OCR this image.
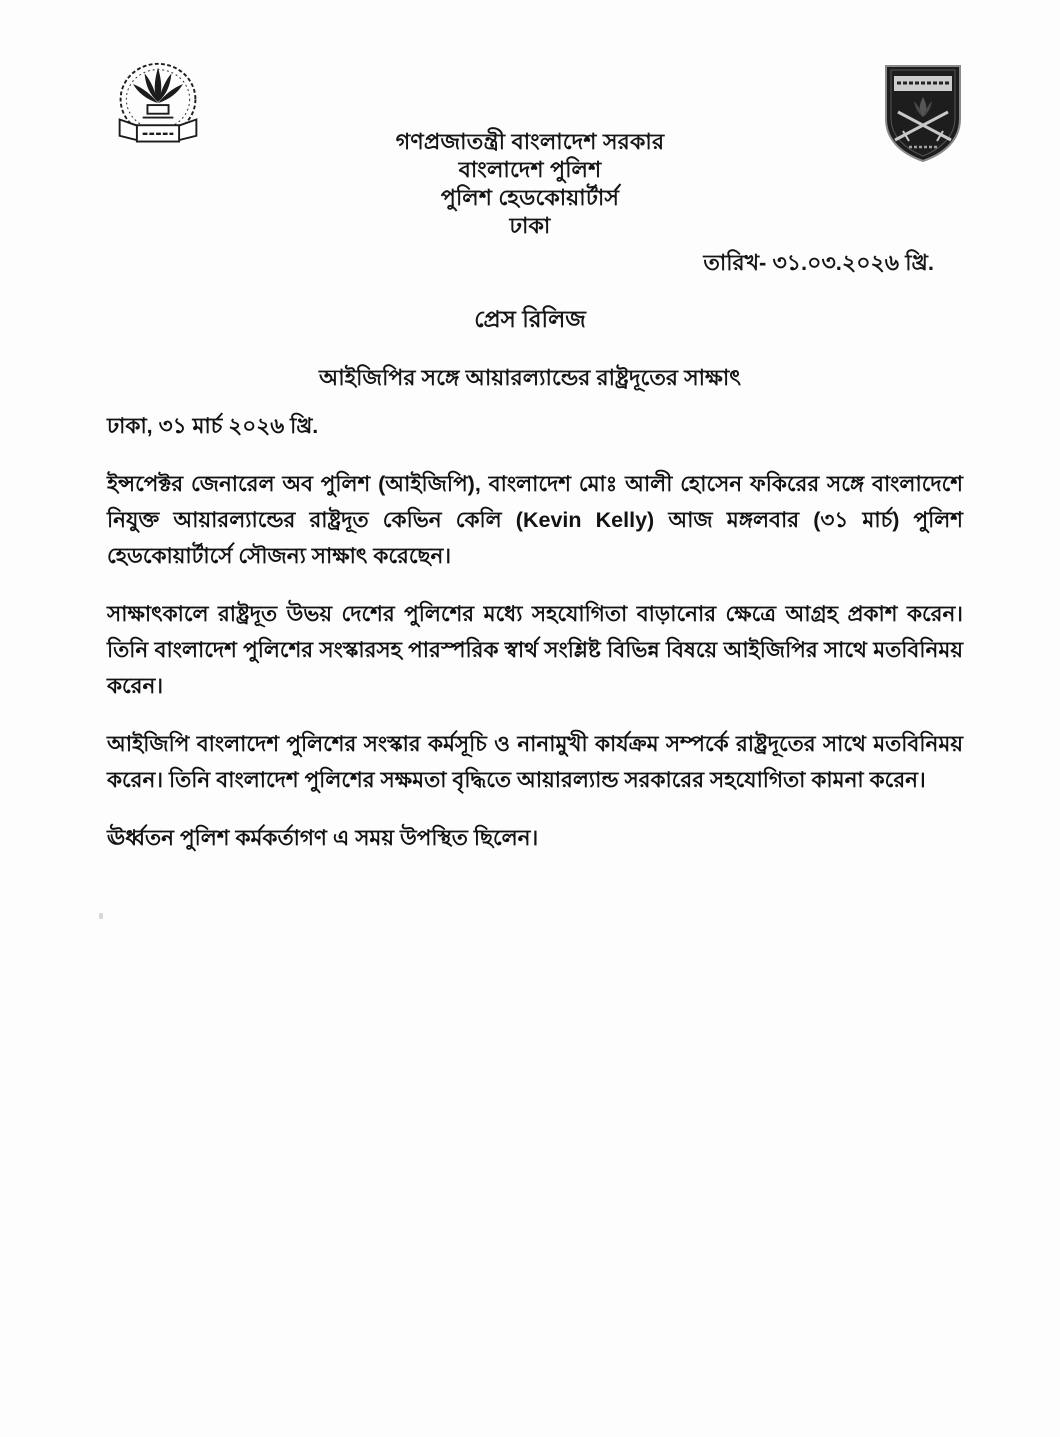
গণপ্রজাতন্ত্রী বাংলাদেশ সরকার
বাংলাদেশ পুলিশ
পুলিশ হেডকোয়ার্টার্স
ঢাকা
তারিখ- ৩১.০৩.২০২৬ খ্রি.
প্রেস রিলিজ
আইজিপির সঙ্গে আয়ারল্যান্ডের রাষ্ট্রদূতের সাক্ষাৎ
ঢাকা, ৩১ মার্চ ২০২৬ খ্রি.

ইন্সপেক্টর জেনারেল অব পুলিশ (আইজিপি), বাংলাদেশ মোঃ আলী হোসেন ফকিরের সঙ্গে বাংলাদেশে নিযুক্ত আয়ারল্যান্ডের রাষ্ট্রদূত কেভিন কেলি (Kevin Kelly) আজ মঙ্গলবার (৩১ মার্চ) পুলিশ হেডকোয়ার্টার্সে সৌজন্য সাক্ষাৎ করেছেন।

সাক্ষাৎকালে রাষ্ট্রদূত উভয় দেশের পুলিশের মধ্যে সহযোগিতা বাড়ানোর ক্ষেত্রে আগ্রহ প্রকাশ করেন। তিনি বাংলাদেশ পুলিশের সংস্কারসহ পারস্পরিক স্বার্থ সংশ্লিষ্ট বিভিন্ন বিষয়ে আইজিপির সাথে মতবিনিময় করেন।

আইজিপি বাংলাদেশ পুলিশের সংস্কার কর্মসূচি ও নানামুখী কার্যক্রম সম্পর্কে রাষ্ট্রদূতের সাথে মতবিনিময় করেন। তিনি বাংলাদেশ পুলিশের সক্ষমতা বৃদ্ধিতে আয়ারল্যান্ড সরকারের সহযোগিতা কামনা করেন।

ঊর্ধ্বতন পুলিশ কর্মকর্তাগণ এ সময় উপস্থিত ছিলেন।
